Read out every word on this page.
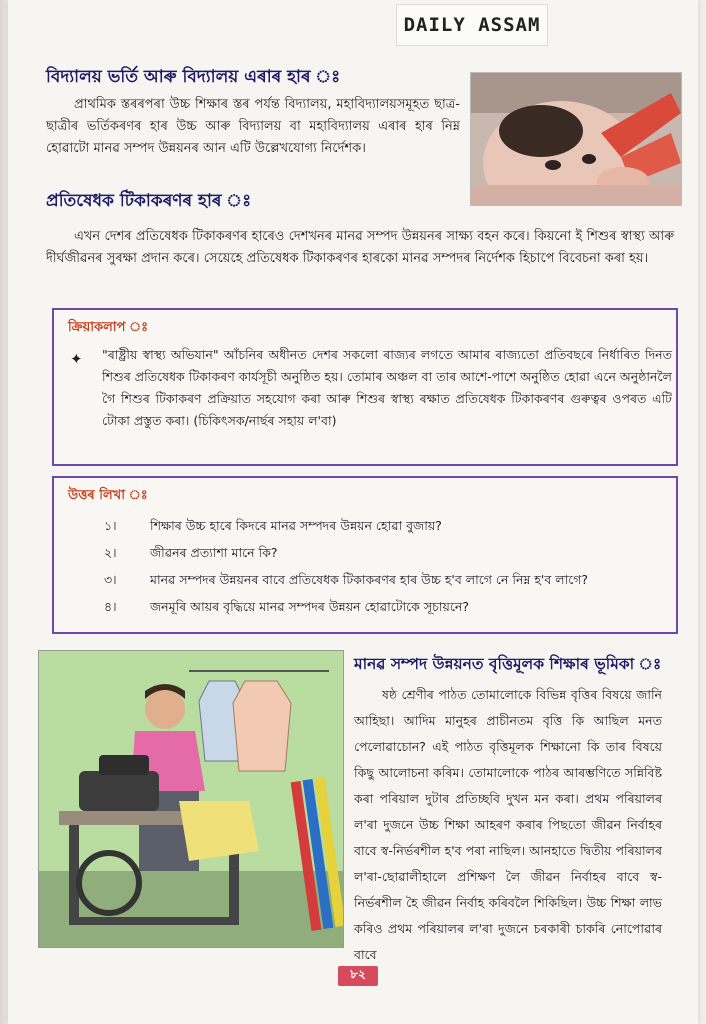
DAILY ASSAM
বিদ্যালয় ভৰ্তি আৰু বিদ্যালয় এৰাৰ হাৰ ঃ
প্ৰাথমিক স্তৰৰপৰা উচ্চ শিক্ষাৰ স্তৰ পৰ্যন্ত বিদ্যালয়, মহাবিদ্যালয়সমূহত ছাত্ৰ-ছাত্ৰীৰ ভৰ্তিকৰণৰ হাৰ উচ্চ আৰু বিদ্যালয় বা মহাবিদ্যালয় এৰাৰ হাৰ নিম্ন হোৱাটো মানৱ সম্পদ উন্নয়নৰ আন এটি উল্লেখযোগ্য নিৰ্দেশক।
প্ৰতিষেধক টিকাকৰণৰ হাৰ ঃ
এখন দেশৰ প্ৰতিষেধক টিকাকৰণৰ হাৰেও দেশখনৰ মানৱ সম্পদ উন্নয়নৰ সাক্ষ্য বহন কৰে। কিয়নো ই শিশুৰ স্বাস্থ্য আৰু দীৰ্ঘজীৱনৰ সুৰক্ষা প্ৰদান কৰে। সেয়েহে প্ৰতিষেধক টিকাকৰণৰ হাৰকো মানৱ সম্পদৰ নিৰ্দেশক হিচাপে বিবেচনা কৰা হয়।
ক্ৰিয়াকলাপ ঃ
✦ "ৰাষ্ট্ৰীয় স্বাস্থ্য অভিযান" আঁচনিৰ অধীনত দেশৰ সকলো ৰাজ্যৰ লগতে আমাৰ ৰাজ্যতো প্ৰতিবছৰে নিৰ্ধাৰিত দিনত শিশুৰ প্ৰতিষেধক টিকাকৰণ কাৰ্যসূচী অনুষ্ঠিত হয়। তোমাৰ অঞ্চল বা তাৰ আশে-পাশে অনুষ্ঠিত হোৱা এনে অনুষ্ঠানলৈ গৈ শিশুৰ টিকাকৰণ প্ৰক্ৰিয়াত সহযোগ কৰা আৰু শিশুৰ স্বাস্থ্য ৰক্ষাত প্ৰতিষেধক টিকাকৰণৰ গুৰুত্বৰ ওপৰত এটি টোকা প্ৰস্তুত কৰা। (চিকিৎসক/নাৰ্ছৰ সহায় ল'বা)
উত্তৰ লিখা ঃ
১।	শিক্ষাৰ উচ্চ হাৰে কিদৰে মানৱ সম্পদৰ উন্নয়ন হোৱা বুজায়?
২।	জীৱনৰ প্ৰত্যাশা মানে কি?
৩।	মানৱ সম্পদৰ উন্নয়নৰ বাবে প্ৰতিষেধক টিকাকৰণৰ হাৰ উচ্চ হ'ব লাগে নে নিম্ন হ'ব লাগে?
৪।	জনমূৰি আয়ৰ বৃদ্ধিয়ে মানৱ সম্পদৰ উন্নয়ন হোৱাটোকে সূচায়নে?
মানৱ সম্পদ উন্নয়নত বৃত্তিমূলক শিক্ষাৰ ভূমিকা ঃ
ষষ্ঠ শ্ৰেণীৰ পাঠত তোমালোকে বিভিন্ন বৃত্তিৰ বিষয়ে জানি আহিছা। আদিম মানুহৰ প্ৰাচীনতম বৃত্তি কি আছিল মনত পেলোৱাচোন? এই পাঠত বৃত্তিমূলক শিক্ষানো কি তাৰ বিষয়ে কিছু আলোচনা কৰিম। তোমালোকে পাঠৰ আৰম্ভণিতে সন্নিবিষ্ট কৰা পৰিয়াল দুটাৰ প্ৰতিচ্ছবি দুখন মন কৰা। প্ৰথম পৰিয়ালৰ ল'ৰা দুজনে উচ্চ শিক্ষা আহৰণ কৰাৰ পিছতো জীৱন নিৰ্বাহৰ বাবে স্ব-নিৰ্ভৰশীল হ'ব পৰা নাছিল। আনহাতে দ্বিতীয় পৰিয়ালৰ ল'ৰা-ছোৱালীহালে প্ৰশিক্ষণ লৈ জীৱন নিৰ্বাহৰ বাবে স্ব-নিৰ্ভৰশীল হৈ জীৱন নিৰ্বাহ কৰিবলৈ শিকিছিল। উচ্চ শিক্ষা লাভ কৰিও প্ৰথম পৰিয়ালৰ ল'ৰা দুজনে চৰকাৰী চাকৰি নোপোৱাৰ বাবে
৮২
